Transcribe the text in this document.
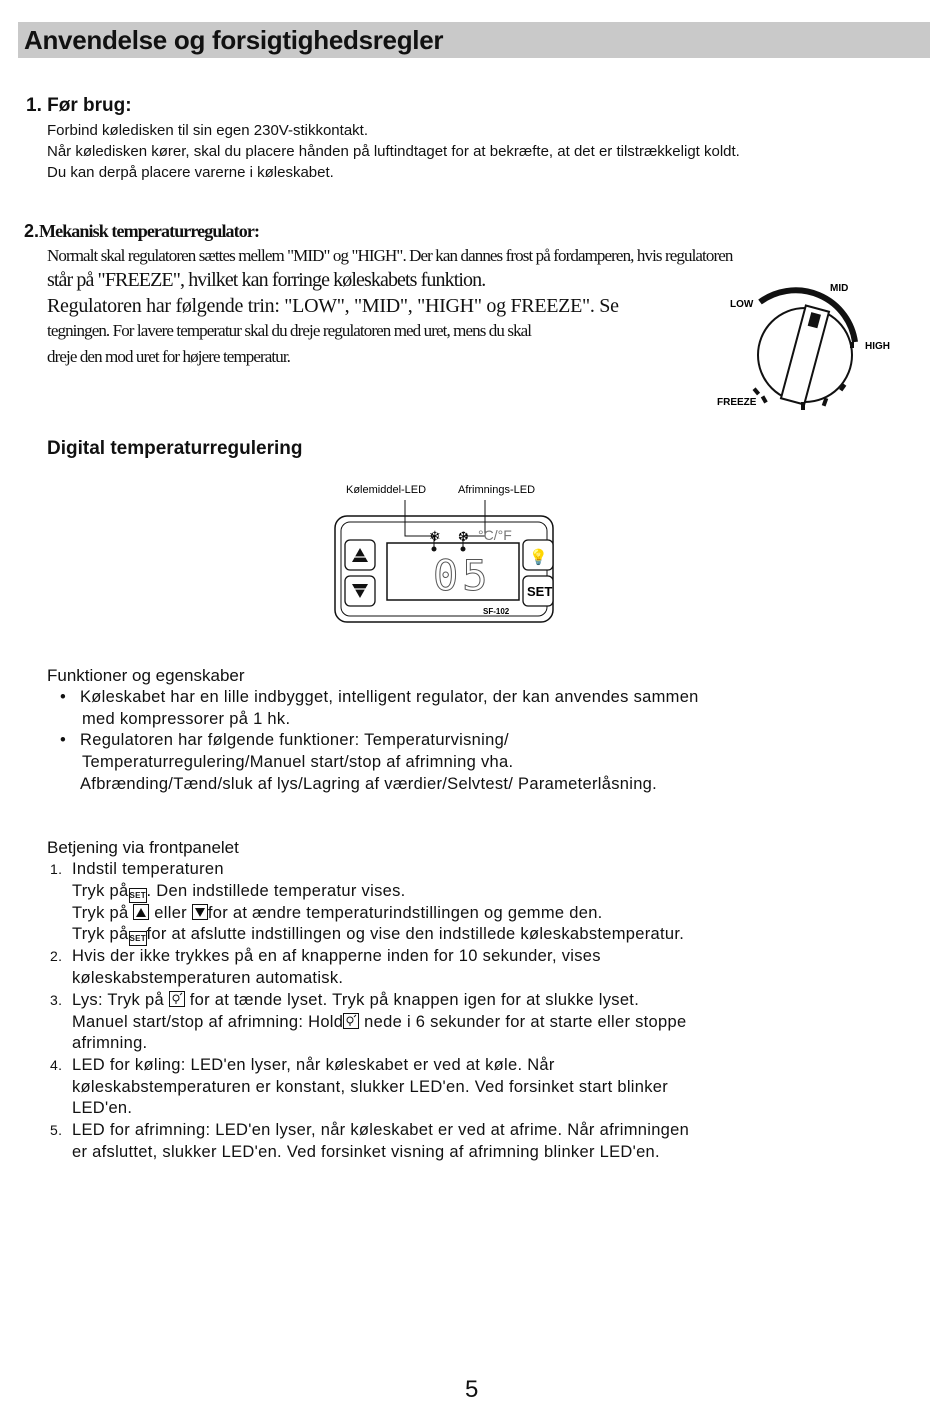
Anvendelse og forsigtighedsregler
1. Før brug:
Forbind køledisken til sin egen 230V-stikkontakt.
Når køledisken kører, skal du placere hånden på luftindtaget for at bekræfte, at det er tilstrækkeligt koldt.
Du kan derpå placere varerne i køleskabet.
2.Mekanisk temperaturregulator:
Normalt skal regulatoren sættes mellem "MID" og "HIGH". Der kan dannes frost på fordamperen, hvis regulatoren
står på "FREEZE", hvilket kan forringe køleskabets funktion.
Regulatoren har følgende trin: "LOW", "MID", "HIGH" og FREEZE". Se
tegningen. For lavere temperatur skal du dreje regulatoren med uret, mens du skal
dreje den mod uret for højere temperatur.
LOW
MID
HIGH
FREEZE
Digital temperaturregulering
Kølemiddel-LED	Afrimnings-LED
❄ ❆ °C/°F
05 💡
SET
SF-102
Funktioner og egenskaber
• Køleskabet har en lille indbygget, intelligent regulator, der kan anvendes sammen
med kompressorer på 1 hk.
• Regulatoren har følgende funktioner: Temperaturvisning/
Temperaturregulering/Manuel start/stop af afrimning vha.
Afbrænding/Tænd/sluk af lys/Lagring af værdier/Selvtest/ Parameterlåsning.
Betjening via frontpanelet
1. Indstil temperaturen
Tryk påSET. Den indstillede temperatur vises.
Tryk på eller for at ændre temperaturindstillingen og gemme den.
Tryk påSETfor at afslutte indstillingen og vise den indstillede køleskabstemperatur.
2. Hvis der ikke trykkes på en af knapperne inden for 10 sekunder, vises
køleskabstemperaturen automatisk.
3. Lys: Tryk på for at tænde lyset. Tryk på knappen igen for at slukke lyset.
Manuel start/stop af afrimning: Hold nede i 6 sekunder for at starte eller stoppe
afrimning.
4. LED for køling: LED'en lyser, når køleskabet er ved at køle. Når
køleskabstemperaturen er konstant, slukker LED'en. Ved forsinket start blinker
LED'en.
5. LED for afrimning: LED'en lyser, når køleskabet er ved at afrime. Når afrimningen
er afsluttet, slukker LED'en. Ved forsinket visning af afrimning blinker LED'en.
5
